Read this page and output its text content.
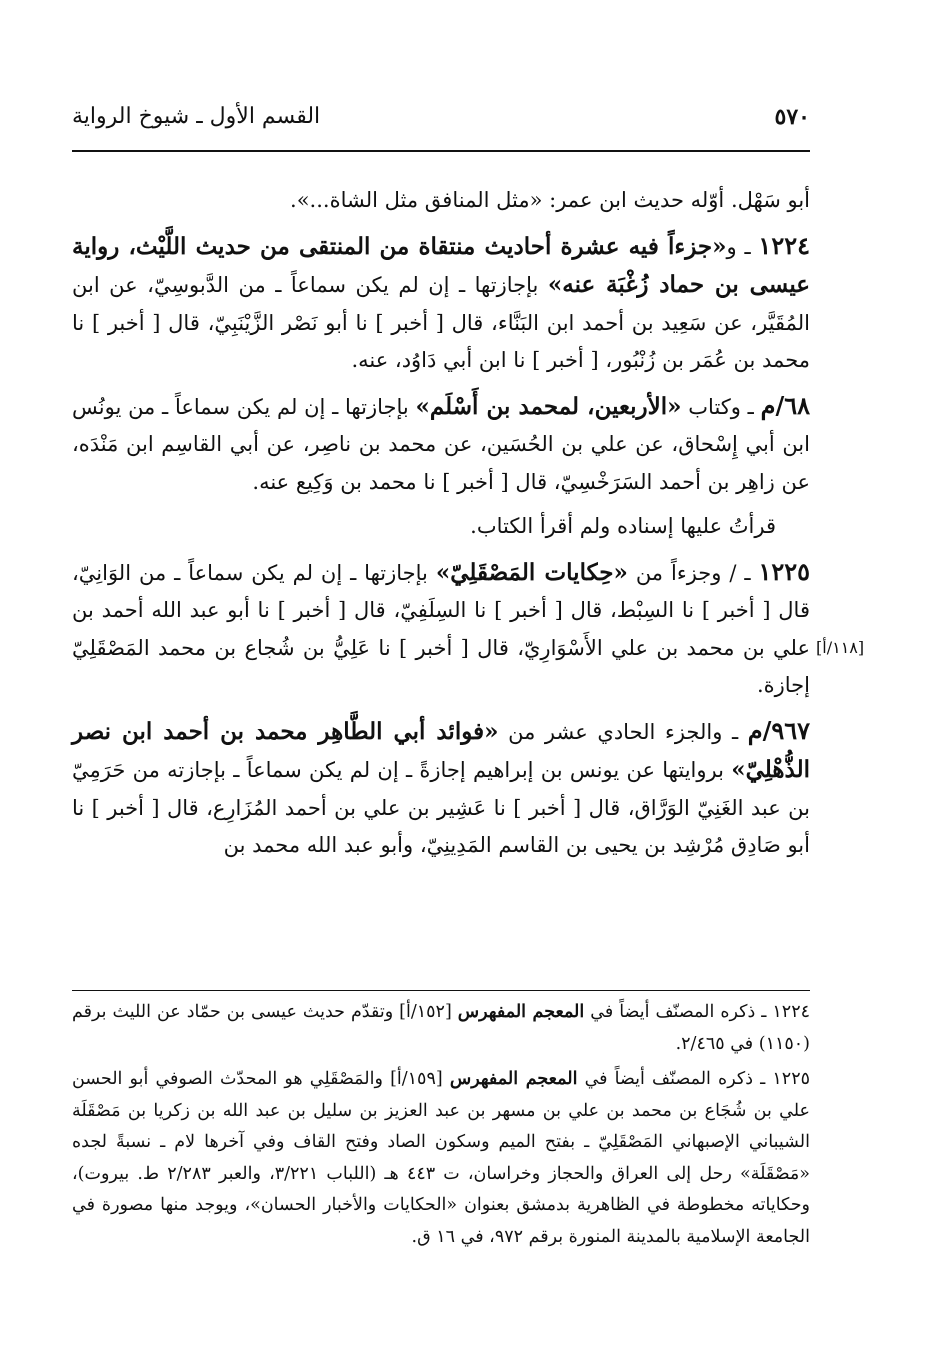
٥٧٠
القسم الأول ـ شيوخ الرواية
[١١٨/أ]

أبو سَهْل. أوّله حديث ابن عمر: «مثل المنافق مثل الشاة...».

١٢٢٤ ـ و«جزءاً فيه عشرة أحاديث منتقاة من المنتقى من حديث اللَّيْث، رواية عيسى بن حماد زُغْبَة عنه» بإجازتها ـ إن لم يكن سماعاً ـ من الدَّبوسِيّ، عن ابن المُقَيَّر، عن سَعِيد بن أحمد ابن البَنَّاء، قال [ أخبر ] نا أبو نَصْر الزَّيْنَبِيّ، قال [ أخبر ] نا محمد بن عُمَر بن زُنْبُور، [ أخبر ] نا ابن أبي دَاوُد، عنه.

٦٨/م ـ وكتاب «الأربعين، لمحمد بن أَسْلَم» بإجازتها ـ إن لم يكن سماعاً ـ من يونُس ابن أبي إِسْحاق، عن علي بن الحُسَين، عن محمد بن ناصِر، عن أبي القاسِم ابن مَنْدَه، عن زاهِر بن أحمد السَرَخْسِيّ، قال [ أخبر ] نا محمد بن وَكِيع عنه.

قرأتُ عليها إسناده ولم أقرأ الكتاب.

١٢٢٥ ـ / وجزءاً من «حِكايات المَصْقَلِيّ» بإجازتها ـ إن لم يكن سماعاً ـ من الوَانِيّ، قال [ أخبر ] نا السِبْط، قال [ أخبر ] نا السِلَفِيّ، قال [ أخبر ] نا أبو عبد الله أحمد بن علي بن محمد بن علي الأَسْوَارِيّ، قال [ أخبر ] نا عَلِيُّ بن شُجاع بن محمد المَصْقَلِيّ إجازة.

٩٦٧/م ـ والجزء الحادي عشر من «فوائد أبي الطَّاهِر محمد بن أحمد ابن نصر الذُّهْلِيّ» بروايتها عن يونس بن إبراهيم إجازةً ـ إن لم يكن سماعاً ـ بإجازته من حَرَمِيّ بن عبد الغَنِيّ الوَرَّاق، قال [ أخبر ] نا عَشِير بن علي بن أحمد المُزَارِع، قال [ أخبر ] نا أبو صَادِق مُرْشِد بن يحيى بن القاسم المَدِينِيّ، وأبو عبد الله محمد بن

١٢٢٤ ـ ذكره المصنّف أيضاً في المعجم المفهرس [١٥٢/أ] وتقدّم حديث عيسى بن حمّاد عن الليث برقم (١١٥٠) في ٢/٤٦٥.

١٢٢٥ ـ ذكره المصنّف أيضاً في المعجم المفهرس [١٥٩/أ] والمَصْقَلِي هو المحدّث الصوفي أبو الحسن علي بن شُجَاع بن محمد بن علي بن مسهر بن عبد العزيز بن سليل بن عبد الله بن زكريا بن مَصْقَلَة الشيباني الإصبهاني المَصْقَلِيّ ـ بفتح الميم وسكون الصاد وفتح القاف وفي آخرها لام ـ نسبةً لجده «مَصْقَلَة» رحل إلى العراق والحجاز وخراسان، ت ٤٤٣ هـ (اللباب ٣/٢٢١، والعبر ٢/٢٨٣ ط. بيروت)، وحكاياته مخطوطة في الظاهرية بدمشق بعنوان «الحكايات والأخبار الحسان»، ويوجد منها مصورة في الجامعة الإسلامية بالمدينة المنورة برقم ٩٧٢، في ١٦ ق.
